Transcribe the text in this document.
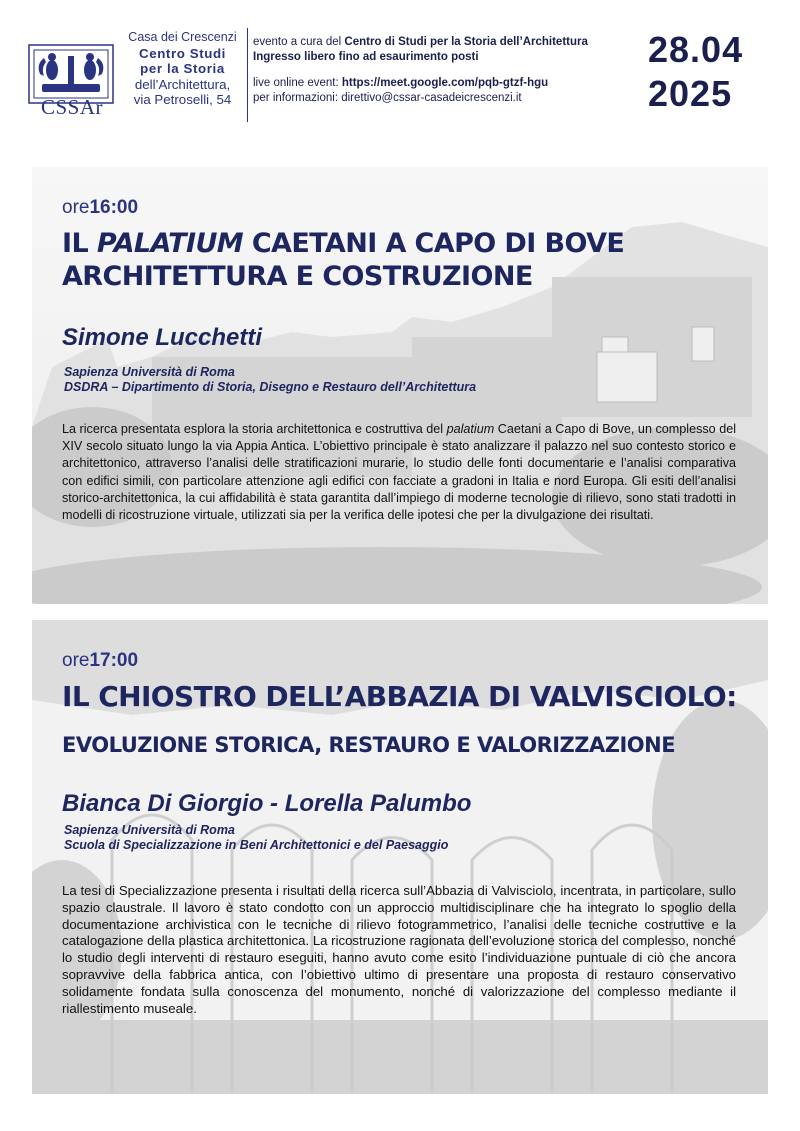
CSSAr
Casa dei Crescenzi
Centro Studi
per la Storia
dell’Architettura,
via Petroselli, 54
evento a cura del Centro di Studi per la Storia dell’Architettura
Ingresso libero fino ad esaurimento posti
live online event: https://meet.google.com/pqb-gtzf-hgu
per informazioni: direttivo@cssar-casadeicrescenzi.it
28.04
2025
ore16:00
IL PALATIUM CAETANI A CAPO DI BOVE
ARCHITETTURA E COSTRUZIONE
Simone Lucchetti
Sapienza Università di Roma
DSDRA – Dipartimento di Storia, Disegno e Restauro dell’Architettura
La ricerca presentata esplora la storia architettonica e costruttiva del palatium Caetani a Capo di Bove, un complesso del XIV secolo situato lungo la via Appia Antica. L’obiettivo principale è stato analizzare il palazzo nel suo contesto storico e architettonico, attraverso l’analisi delle stratificazioni murarie, lo studio delle fonti documentarie e l’analisi comparativa con edifici simili, con particolare attenzione agli edifici con facciate a gradoni in Italia e nord Europa. Gli esiti dell’analisi storico-architettonica, la cui affidabilità è stata garantita dall’impiego di moderne tecnologie di rilievo, sono stati tradotti in modelli di ricostruzione virtuale, utilizzati sia per la verifica delle ipotesi che per la divulgazione dei risultati.
ore17:00
IL CHIOSTRO DELL’ABBAZIA DI VALVISCIOLO:
EVOLUZIONE STORICA, RESTAURO E VALORIZZAZIONE
Bianca Di Giorgio - Lorella Palumbo
Sapienza Università di Roma
Scuola di Specializzazione in Beni Architettonici e del Paesaggio
La tesi di Specializzazione presenta i risultati della ricerca sull’Abbazia di Valvisciolo, incentrata, in particolare, sullo spazio claustrale. Il lavoro è stato condotto con un approccio multidisciplinare che ha integrato lo spoglio della documentazione archivistica con le tecniche di rilievo fotogrammetrico, l’analisi delle tecniche costruttive e la catalogazione della plastica architettonica. La ricostruzione ragionata dell’evoluzione storica del complesso, nonché lo studio degli interventi di restauro eseguiti, hanno avuto come esito l’individuazione puntuale di ciò che ancora sopravvive della fabbrica antica, con l’obiettivo ultimo di presentare una proposta di restauro conservativo solidamente fondata sulla conoscenza del monumento, nonché di valorizzazione del complesso mediante il riallestimento museale.
